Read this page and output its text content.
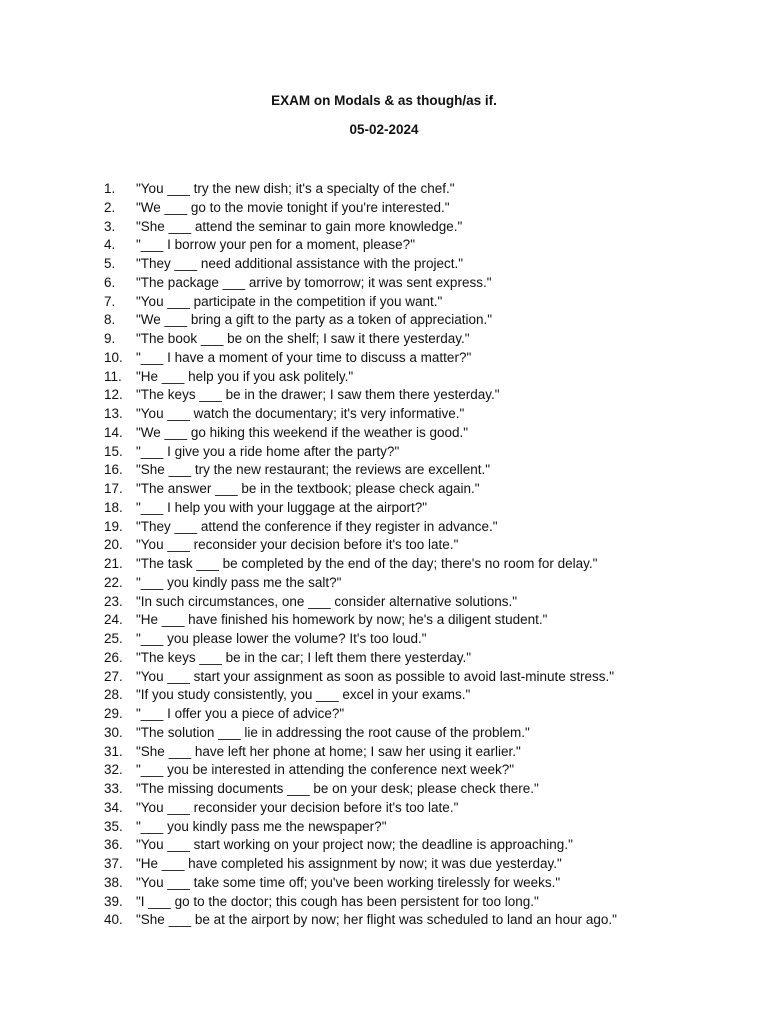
EXAM on Modals & as though/as if.
05-02-2024
1.	"You ___ try the new dish; it's a specialty of the chef."
2.	"We ___ go to the movie tonight if you're interested."
3.	"She ___ attend the seminar to gain more knowledge."
4.	"___ I borrow your pen for a moment, please?"
5.	"They ___ need additional assistance with the project."
6.	"The package ___ arrive by tomorrow; it was sent express."
7.	"You ___ participate in the competition if you want."
8.	"We ___ bring a gift to the party as a token of appreciation."
9.	"The book ___ be on the shelf; I saw it there yesterday."
10. "___ I have a moment of your time to discuss a matter?"
11.	"He ___ help you if you ask politely."
12. "The keys ___ be in the drawer; I saw them there yesterday."
13. "You ___ watch the documentary; it's very informative."
14. "We ___ go hiking this weekend if the weather is good."
15. "___ I give you a ride home after the party?"
16. "She ___ try the new restaurant; the reviews are excellent."
17. "The answer ___ be in the textbook; please check again."
18. "___ I help you with your luggage at the airport?"
19. "They ___ attend the conference if they register in advance."
20. "You ___ reconsider your decision before it's too late."
21. "The task ___ be completed by the end of the day; there's no room for delay."
22. "___ you kindly pass me the salt?"
23. "In such circumstances, one ___ consider alternative solutions."
24. "He ___ have finished his homework by now; he's a diligent student."
25. "___ you please lower the volume? It's too loud."
26. "The keys ___ be in the car; I left them there yesterday."
27. "You ___ start your assignment as soon as possible to avoid last-minute stress."
28. "If you study consistently, you ___ excel in your exams."
29. "___ I offer you a piece of advice?"
30. "The solution ___ lie in addressing the root cause of the problem."
31. "She ___ have left her phone at home; I saw her using it earlier."
32. "___ you be interested in attending the conference next week?"
33. "The missing documents ___ be on your desk; please check there."
34. "You ___ reconsider your decision before it's too late."
35. "___ you kindly pass me the newspaper?"
36. "You ___ start working on your project now; the deadline is approaching."
37. "He ___ have completed his assignment by now; it was due yesterday."
38. "You ___ take some time off; you've been working tirelessly for weeks."
39. "I ___ go to the doctor; this cough has been persistent for too long."
40. "She ___ be at the airport by now; her flight was scheduled to land an hour ago."
